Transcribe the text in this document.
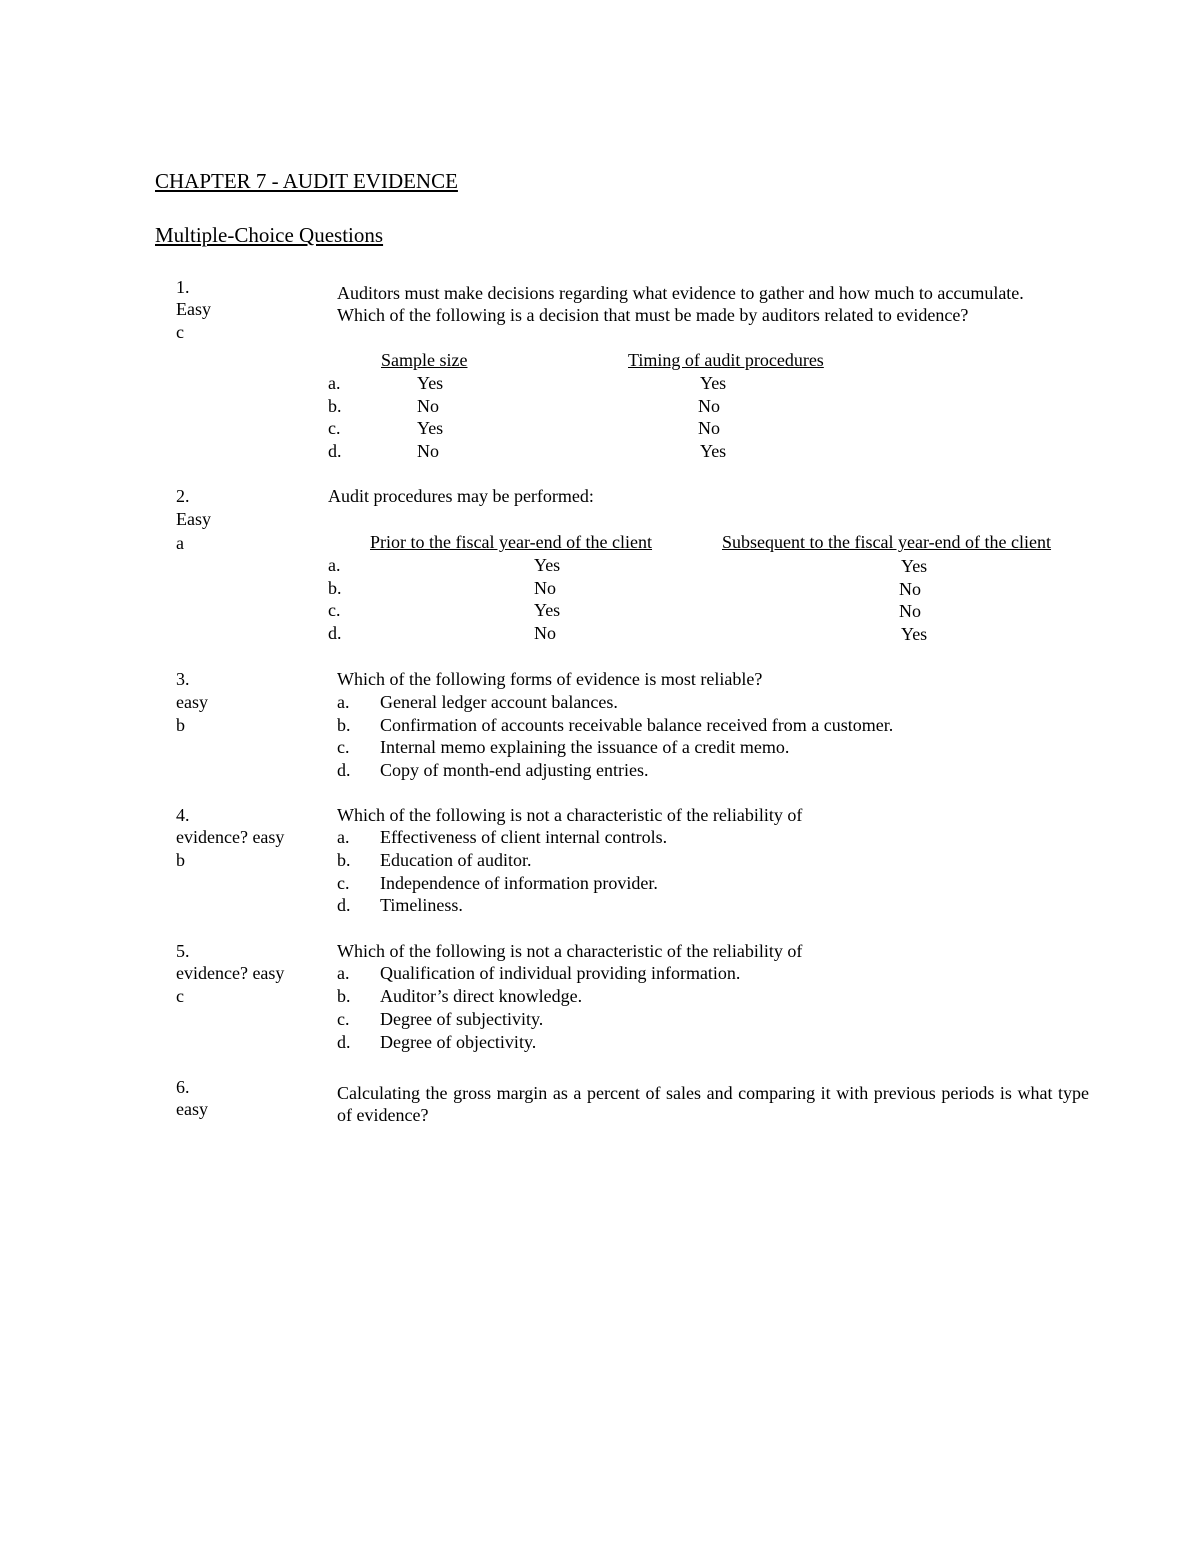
CHAPTER 7 - AUDIT EVIDENCE
Multiple-Choice Questions
1.
Easy
c
Auditors must make decisions regarding what evidence to gather and how much to accumulate.
Which of the following is a decision that must be made by auditors related to evidence?
Sample size	Timing of audit procedures
a.	Yes	Yes
b.	No	No
c.	Yes	No
d.	No	Yes
2.
Easy
a
Audit procedures may be performed:
Prior to the fiscal year-end of the client	Subsequent to the fiscal year-end of the client
a.	Yes	Yes
b.	No	No
c.	Yes	No
d.	No	Yes
3.
easy
b
Which of the following forms of evidence is most reliable?
a. General ledger account balances.
b. Confirmation of accounts receivable balance received from a customer.
c. Internal memo explaining the issuance of a credit memo.
d. Copy of month-end adjusting entries.
4.
evidence? easy
b
Which of the following is not a characteristic of the reliability of
a. Effectiveness of client internal controls.
b. Education of auditor.
c. Independence of information provider.
d. Timeliness.
5.
evidence? easy
c
Which of the following is not a characteristic of the reliability of
a. Qualification of individual providing information.
b. Auditor’s direct knowledge.
c. Degree of subjectivity.
d. Degree of objectivity.
6.
easy
Calculating the gross margin as a percent of sales and comparing it with previous periods is what type of evidence?
